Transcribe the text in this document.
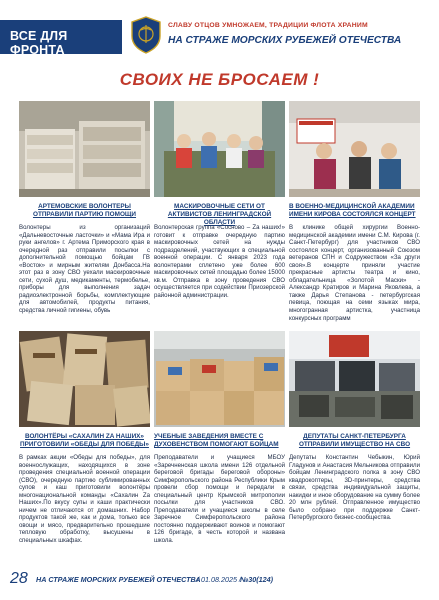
ВСЕ ДЛЯ ФРОНТА
СЛАВУ ОТЦОВ УМНОЖАЕМ, ТРАДИЦИИ ФЛОТА ХРАНИМ
НА СТРАЖЕ МОРСКИХ РУБЕЖЕЙ ОТЕЧЕСТВА
СВОИХ НЕ БРОСАЕМ !
АРТЕМОВСКИЕ ВОЛОНТЕРЫ ОТПРАВИЛИ ПАРТИЮ ПОМОЩИ
Волонтеры из организаций «Дальневосточные ласточки» и «Мама Ира и руки ангелов» г. Артема Приморского края в очередной раз отправили посылки с дополнительной помощью бойцам ГВ «Восток» и мирным жителям Донбасса.На этот раз в зону СВО уехали маскировочные сети, сухой душ, медикаменты, термобелье, приборы для выполнения задач радиоэлектронной борьбы, комплектующие для автомобилей, продукты питания, средства личной гигиены, обувь
МАСКИРОВОЧНЫЕ СЕТИ ОТ АКТИВИСТОВ ЛЕНИНГРАДСКОЙ ОБЛАСТИ
Волонтерская группа «Сосново – Za наших!» готовит к отправке очередную партию маскировочных сетей на нужды подразделений, участвующих в специальной военной операции. С января 2023 года волонтерами сплетено уже более 600 маскировочных сетей площадью более 15000 кв.м. Отправка в зону проведения СВО осуществляется при содействии Приозерской районной администрации.
В ВОЕННО-МЕДИЦИНСКОЙ АКАДЕМИИ ИМЕНИ КИРОВА СОСТОЯЛСЯ КОНЦЕРТ
В клинике общей хирургии Военно-медицинской академии имени С.М. Кирова (г. Санкт-Петербург) для участников СВО состоялся концерт, организованный Союзом ветеранов СПН и Содружеством «За други своя».В концерте приняли участие прекрасные артисты театра и кино, обладательница «Золотой Маски» - Александр Кратиров и Марина Яковлева, а также Дарья Степанова - петербургская певица, поющая на семи языках мира, многогранная артистка, участница конкурсных программ
ВОЛОНТЁРЫ «САХАЛИН ZA НАШИХ» ПРИГОТОВИЛИ «ОБЕДЫ ДЛЯ ПОБЕДЫ»
В рамках акции «Обеды для победы», для военнослужащих, находящихся в зоне проведения специальной военной операции (СВО), очередную партию сублимированных супов и каш приготовили волонтёры многонациональной команды «Сахалин Za Наших».По вкусу супы и каши практически ничем не отличаются от домашних. Набор продуктов такой же, как и дома, только все овощи и мясо, предварительно прошедшие тепловую обработку, высушены в специальных шкафах.
УЧЕБНЫЕ ЗАВЕДЕНИЯ ВМЕСТЕ С ДУХОВЕНСТВОМ ПОМОГАЮТ БОЙЦАМ
Преподаватели и учащиеся МБОУ «Заречненская школа имени 126 отдельной береговой бригады береговой обороны» Симферопольского района Республики Крым провели сбор помощи и передали в специальный центр Крымской митрополии посылки для участников СВО. Преподаватели и учащиеся школы в селе Заречное Симферопольского района постоянно поддерживают воинов и помогают 126 бригаде, в честь которой и названа школа.
ДЕПУТАТЫ САНКТ-ПЕТЕРБУРГА ОТПРАВИЛИ ИМУЩЕСТВО НА СВО
Депутаты Константин Чебыкин, Юрий Гладунов и Анастасия Мельникова отправили бойцам Ленинградского полка в зону СВО квадрокоптеры, 3D-принтеры, средства связи, средства индивидуальной защиты, накидки и иное оборудование на сумму более 20 млн рублей. Отправленное имущество было собрано при поддержке Санкт-Петербургского бизнес-сообщества.
28 НА СТРАЖЕ МОРСКИХ РУБЕЖЕЙ ОТЕЧЕСТВА
/ 01.08.2025 / №30(124)
